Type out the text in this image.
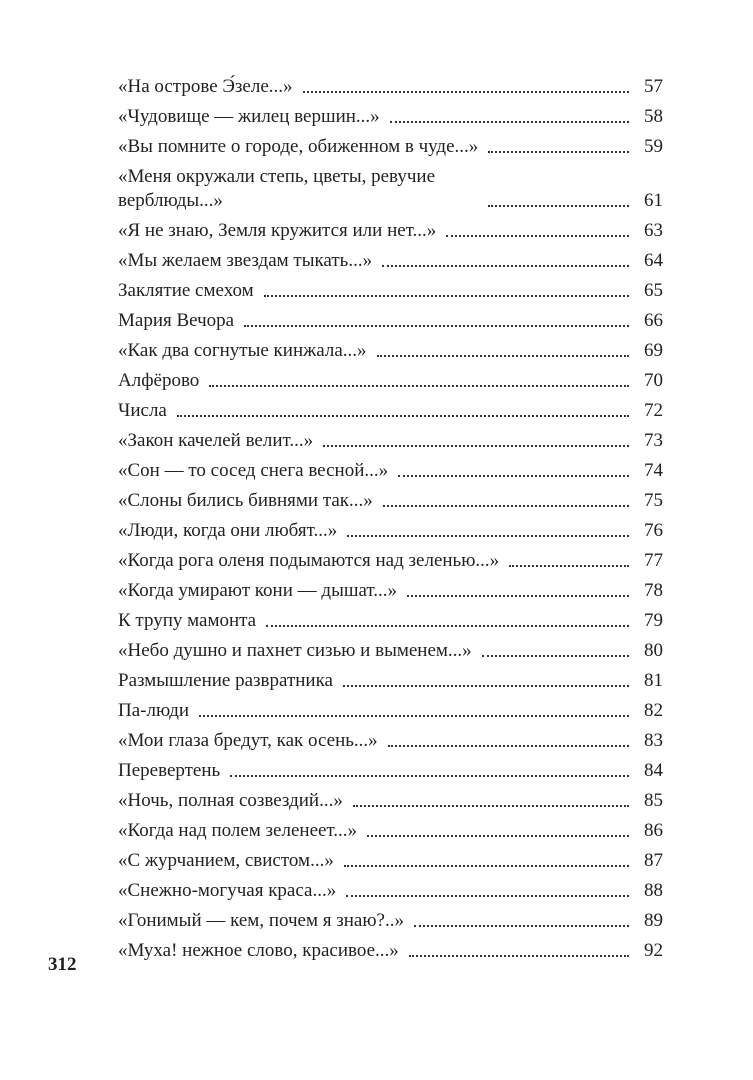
«На острове Э́зеле...»	57
«Чудовище — жилец вершин...»	58
«Вы помните о городе, обиженном в чуде...»	59
«Меня окружали степь, цветы, ревучие верблюды...»	61
«Я не знаю, Земля кружится или нет...»	63
«Мы желаем звездам тыкать...»	64
Заклятие смехом	65
Мария Вечора	66
«Как два согнутые кинжала...»	69
Алфёрово	70
Числа	72
«Закон качелей велит...»	73
«Сон — то сосед снега весной...»	74
«Слоны бились бивнями так...»	75
«Люди, когда они любят...»	76
«Когда рога оленя подымаются над зеленью...»	77
«Когда умирают кони — дышат...»	78
К трупу мамонта	79
«Небо душно и пахнет сизью и выменем...»	80
Размышление развратника	81
Па-люди	82
«Мои глаза бредут, как осень...»	83
Перевертень	84
«Ночь, полная созвездий...»	85
«Когда над полем зеленеет...»	86
«С журчанием, свистом...»	87
«Снежно-могучая краса...»	88
«Гонимый — кем, почем я знаю?..»	89
«Муха! нежное слово, красивое...»	92
312
